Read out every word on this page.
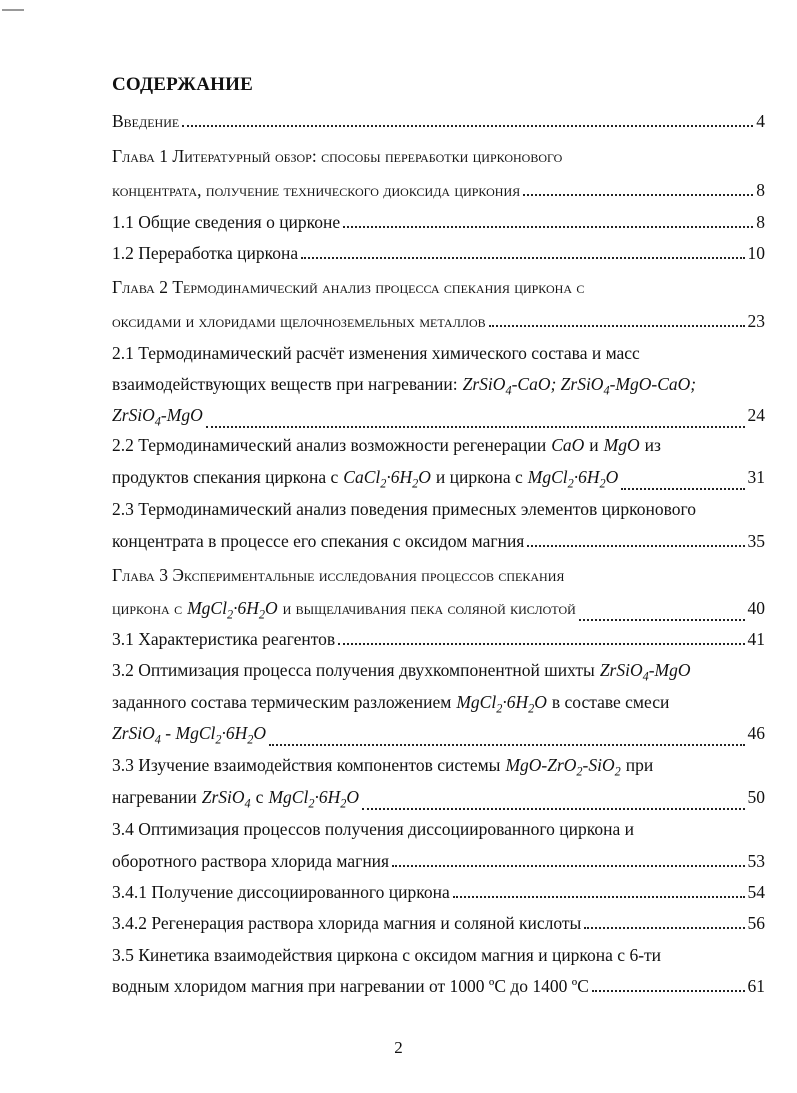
СОДЕРЖАНИЕ
Введение	4
Глава 1 Литературный обзор: способы переработки цирконового
концентрата, получение технического диоксида циркония	8
1.1 Общие сведения о цирконе	8
1.2 Переработка циркона	10
Глава 2 Термодинамический анализ процесса спекания циркона с
оксидами и хлоридами щелочноземельных металлов	23
2.1 Термодинамический расчёт изменения химического состава и масс
взаимодействующих веществ при нагревании: ZrSiO$_4$-CaO; ZrSiO$_4$-MgO-CaO;
ZrSiO$_4$-MgO	24
2.2 Термодинамический анализ возможности регенерации CaO и MgO из
продуктов спекания циркона с $CaCl_2\cdot 6H_2O$ и циркона с $MgCl_2\cdot 6H_2O$	31
2.3 Термодинамический анализ поведения примесных элементов цирконового
концентрата в процессе его спекания с оксидом магния	35
Глава 3 Экспериментальные исследования процессов спекания
циркона с $MgCl_2\cdot 6H_2O$ и выщелачивания пека соляной кислотой	40
3.1 Характеристика реагентов	41
3.2 Оптимизация процесса получения двухкомпонентной шихты ZrSiO$_4$-MgO
заданного состава термическим разложением $MgCl_2\cdot 6H_2O$ в составе смеси
ZrSiO$_4$ - $MgCl_2\cdot 6H_2O$	46
3.3 Изучение взаимодействия компонентов системы MgO-ZrO$_2$-SiO$_2$ при
нагревании ZrSiO$_4$ с $MgCl_2\cdot 6H_2O$	50
3.4 Оптимизация процессов получения диссоциированного циркона и
оборотного раствора хлорида магния	53
3.4.1 Получение диссоциированного циркона	54
3.4.2 Регенерация раствора хлорида магния и соляной кислоты	56
3.5 Кинетика взаимодействия циркона с оксидом магния и циркона с 6-ти
водным хлоридом магния при нагревании от 1000 ºС до 1400 ºС	61
2
